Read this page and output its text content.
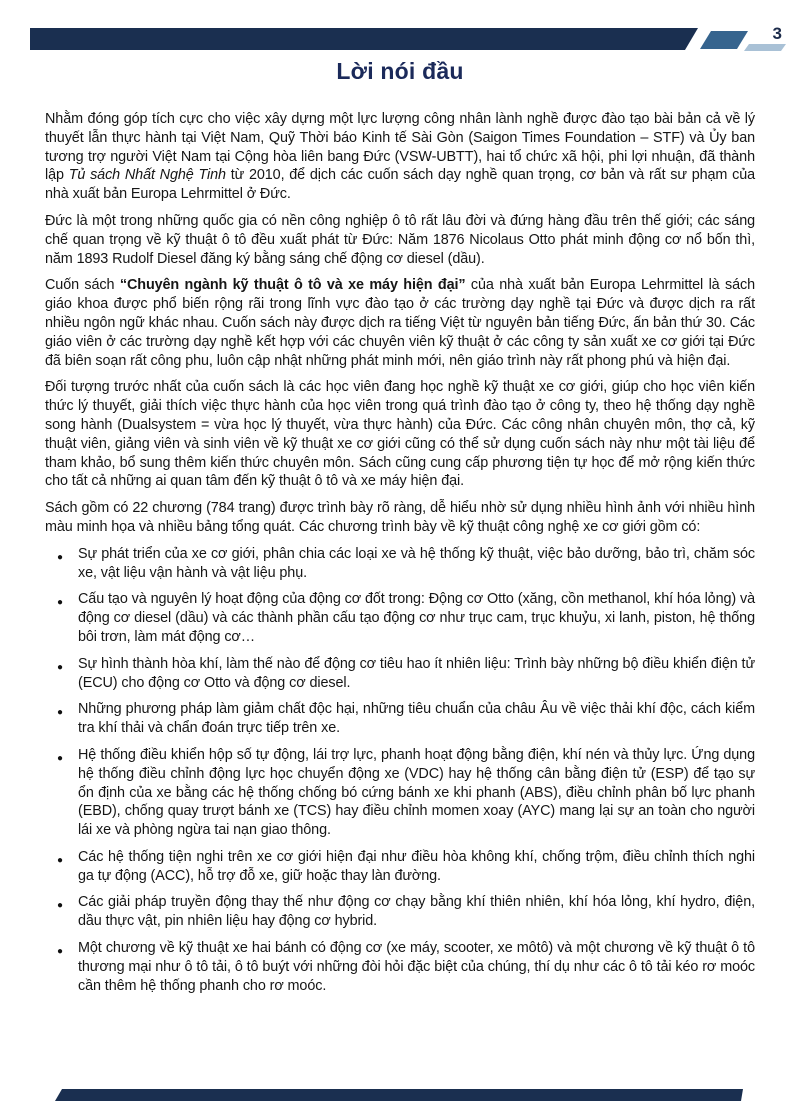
3
Lời nói đầu

Nhằm đóng góp tích cực cho việc xây dựng một lực lượng công nhân lành nghề được đào tạo bài bản cả về lý thuyết lẫn thực hành tại Việt Nam, Quỹ Thời báo Kinh tế Sài Gòn (Saigon Times Foundation – STF) và Ủy ban tương trợ người Việt Nam tại Cộng hòa liên bang Đức (VSW-UBTT), hai tổ chức xã hội, phi lợi nhuận, đã thành lập Tủ sách Nhất Nghệ Tinh từ 2010, để dịch các cuốn sách dạy nghề quan trọng, cơ bản và rất sư phạm của nhà xuất bản Europa Lehrmittel ở Đức.

Đức là một trong những quốc gia có nền công nghiệp ô tô rất lâu đời và đứng hàng đầu trên thế giới; các sáng chế quan trọng về kỹ thuật ô tô đều xuất phát từ Đức: Năm 1876 Nicolaus Otto phát minh động cơ nổ bốn thì, năm 1893 Rudolf Diesel đăng ký bằng sáng chế động cơ diesel (dầu).

Cuốn sách “Chuyên ngành kỹ thuật ô tô và xe máy hiện đại” của nhà xuất bản Europa Lehrmittel là sách giáo khoa được phổ biến rộng rãi trong lĩnh vực đào tạo ở các trường dạy nghề tại Đức và được dịch ra rất nhiều ngôn ngữ khác nhau. Cuốn sách này được dịch ra tiếng Việt từ nguyên bản tiếng Đức, ấn bản thứ 30. Các giáo viên ở các trường dạy nghề kết hợp với các chuyên viên kỹ thuật ở các công ty sản xuất xe cơ giới tại Đức đã biên soạn rất công phu, luôn cập nhật những phát minh mới, nên giáo trình này rất phong phú và hiện đại.

Đối tượng trước nhất của cuốn sách là các học viên đang học nghề kỹ thuật xe cơ giới, giúp cho học viên kiến thức lý thuyết, giải thích việc thực hành của học viên trong quá trình đào tạo ở công ty, theo hệ thống dạy nghề song hành (Dualsystem = vừa học lý thuyết, vừa thực hành) của Đức. Các công nhân chuyên môn, thợ cả, kỹ thuật viên, giảng viên và sinh viên về kỹ thuật xe cơ giới cũng có thể sử dụng cuốn sách này như một tài liệu để tham khảo, bổ sung thêm kiến thức chuyên môn. Sách cũng cung cấp phương tiện tự học để mở rộng kiến thức cho tất cả những ai quan tâm đến kỹ thuật ô tô và xe máy hiện đại.

Sách gồm có 22 chương (784 trang) được trình bày rõ ràng, dễ hiểu nhờ sử dụng nhiều hình ảnh với nhiều hình màu minh họa và nhiều bảng tổng quát. Các chương trình bày về kỹ thuật công nghệ xe cơ giới gồm có:

● Sự phát triển của xe cơ giới, phân chia các loại xe và hệ thống kỹ thuật, việc bảo dưỡng, bảo trì, chăm sóc xe, vật liệu vận hành và vật liệu phụ.
● Cấu tạo và nguyên lý hoạt động của động cơ đốt trong: Động cơ Otto (xăng, cồn methanol, khí hóa lỏng) và động cơ diesel (dầu) và các thành phần cấu tạo động cơ như trục cam, trục khuỷu, xi lanh, piston, hệ thống bôi trơn, làm mát động cơ…
● Sự hình thành hòa khí, làm thế nào để động cơ tiêu hao ít nhiên liệu: Trình bày những bộ điều khiển điện tử (ECU) cho động cơ Otto và động cơ diesel.
● Những phương pháp làm giảm chất độc hại, những tiêu chuẩn của châu Âu về việc thải khí độc, cách kiểm tra khí thải và chẩn đoán trực tiếp trên xe.
● Hệ thống điều khiển hộp số tự động, lái trợ lực, phanh hoạt động bằng điện, khí nén và thủy lực. Ứng dụng hệ thống điều chỉnh động lực học chuyển động xe (VDC) hay hệ thống cân bằng điện tử (ESP) để tạo sự ổn định của xe bằng các hệ thống chống bó cứng bánh xe khi phanh (ABS), điều chỉnh phân bố lực phanh (EBD), chống quay trượt bánh xe (TCS) hay điều chỉnh momen xoay (AYC) mang lại sự an toàn cho người lái xe và phòng ngừa tai nạn giao thông.
● Các hệ thống tiện nghi trên xe cơ giới hiện đại như điều hòa không khí, chống trộm, điều chỉnh thích nghi ga tự động (ACC), hỗ trợ đỗ xe, giữ hoặc thay làn đường.
● Các giải pháp truyền động thay thế như động cơ chạy bằng khí thiên nhiên, khí hóa lỏng, khí hydro, điện, dầu thực vật, pin nhiên liệu hay động cơ hybrid.
● Một chương về kỹ thuật xe hai bánh có động cơ (xe máy, scooter, xe môtô) và một chương về kỹ thuật ô tô thương mại như ô tô tải, ô tô buýt với những đòi hỏi đặc biệt của chúng, thí dụ như các ô tô tải kéo rơ moóc cần thêm hệ thống phanh cho rơ moóc.
